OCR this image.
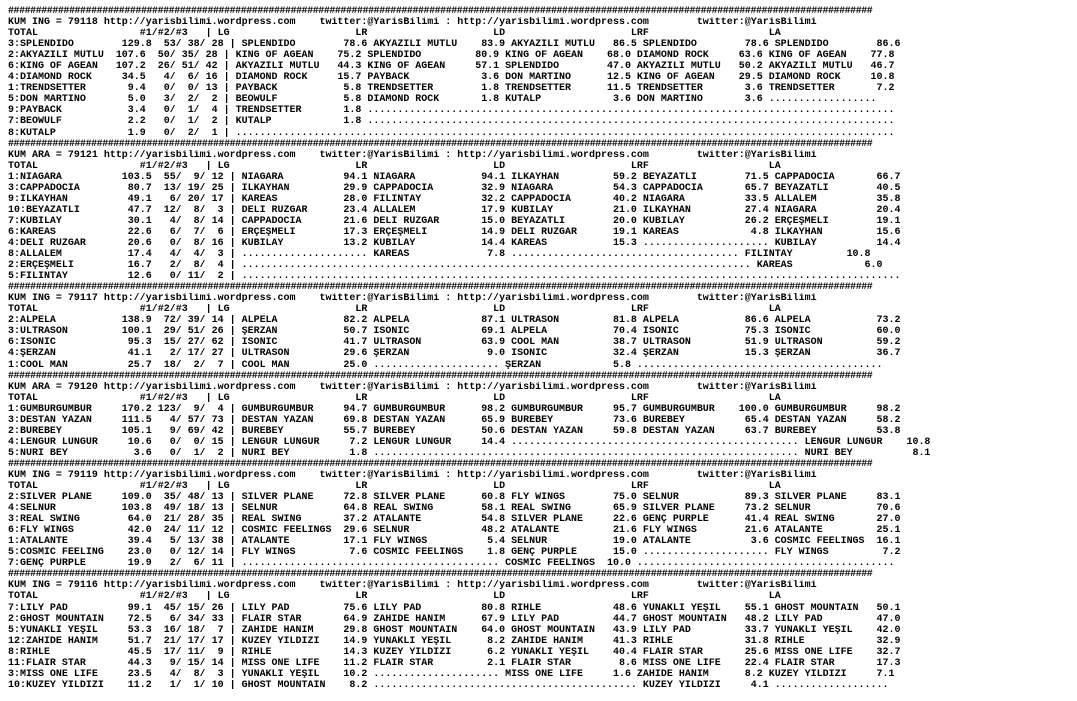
############################################################################################################################################################
KUM ING = 79118 http://yarisbilimi.wordpress.com    twitter:@YarisBilimi : http://yarisbilimi.wordpress.com        twitter:@YarisBilimi
TOTAL                 #1/#2/#3   | LG                     LR                     LD                     LRF                    LA
3:SPLENDIDO        129.8  53/ 38/ 28 | SPLENDIDO        78.6 AKYAZILI MUTLU    83.9 AKYAZILI MUTLU   86.5 SPLENDIDO        78.6 SPLENDIDO        86.6
2:AKYAZILI MUTLU  107.6  50/ 35/ 28 | KING OF AGEAN    75.2 SPLENDIDO         80.9 KING OF AGEAN    68.0 DIAMOND ROCK     63.6 KING OF AGEAN    77.8
6:KING OF AGEAN   107.2  26/ 51/ 42 | AKYAZILI MUTLU   44.3 KING OF AGEAN     57.1 SPLENDIDO        47.0 AKYAZILI MUTLU   50.2 AKYAZILI MUTLU   46.7
4:DIAMOND ROCK     34.5   4/  6/ 16 | DIAMOND ROCK     15.7 PAYBACK            3.6 DON MARTINO      12.5 KING OF AGEAN    29.5 DIAMOND ROCK     10.8
1:TRENDSETTER       9.4   0/  0/ 13 | PAYBACK           5.8 TRENDSETTER        1.8 TRENDSETTER      11.5 TRENDSETTER       3.6 TRENDSETTER       7.2
5:DON MARTINO       5.0   3/  2/  2 | BEOWULF           5.8 DIAMOND ROCK       1.8 KUTALP            3.6 DON MARTINO       3.6 ..................
9:PAYBACK           3.4   0/  1/  4 | TRENDSETTER       1.8 ........................................................................................
7:BEOWULF           2.2   0/  1/  2 | KUTALP            1.8 ........................................................................................
8:KUTALP            1.9   0/  2/  1 | ..............................................................................................................
############################################################################################################################################################
KUM ARA = 79121 http://yarisbilimi.wordpress.com    twitter:@YarisBilimi : http://yarisbilimi.wordpress.com        twitter:@YarisBilimi
TOTAL                 #1/#2/#3   | LG                     LR                     LD                     LRF                    LA
1:NİAGARA          103.5  55/  9/ 12 | NİAGARA          94.1 NİAGARA           94.1 İLKAYHAN         59.2 BEYAZATLI        71.5 CAPPADOCIA       66.7
3:CAPPADOCIA        80.7  13/ 19/ 25 | İLKAYHAN         29.9 CAPPADOCIA        32.9 NİAGARA          54.3 CAPPADOCIA       65.7 BEYAZATLI        40.5
9:İLKAYHAN          49.1   6/ 20/ 17 | KAREAS           28.0 FİLİNTAY          32.2 CAPPADOCIA       40.2 NİAGARA          33.5 ALLALEM          35.8
10:BEYAZATLI        47.7  12/  8/  3 | DELİ RÜZGAR      23.4 ALLALEM           17.9 KUBİLAY          21.0 İLKAYHAN         27.4 NİAGARA          20.4
7:KUBİLAY           30.1   4/  8/ 14 | CAPPADOCIA       21.6 DELİ RÜZGAR       15.0 BEYAZATLI        20.0 KUBİLAY          26.2 ERÇEŞMELİ        19.1
6:KAREAS            22.6   6/  7/  6 | ERÇEŞMELİ        17.3 ERÇEŞMELİ         14.9 DELİ RÜZGAR      19.1 KAREAS            4.8 İLKAYHAN         15.6
4:DELİ RÜZGAR       20.6   0/  8/ 16 | KUBİLAY          13.2 KUBİLAY           14.4 KAREAS           15.3 ..................... KUBİLAY          14.4
8:ALLALEM           17.4   4/  4/  3 | ..................... KAREAS             7.8 ...................................... FİLİNTAY         10.8
2:ERÇEŞMELİ         16.7   2/  8/  4 | ..................................................................................... KAREAS            6.0
5:FİLİNTAY          12.6   0/ 11/  2 | ..............................................................................................................
############################################################################################################################################################
KUM ING = 79117 http://yarisbilimi.wordpress.com    twitter:@YarisBilimi : http://yarisbilimi.wordpress.com        twitter:@YarisBilimi
TOTAL                 #1/#2/#3   | LG                     LR                     LD                     LRF                    LA
2:ALPELA           138.9  72/ 39/ 14 | ALPELA           82.2 ALPELA            87.1 ULTRASON         81.8 ALPELA           86.6 ALPELA           73.2
3:ULTRASON         100.1  29/ 51/ 26 | ŞERZAN           50.7 ISONIC            69.1 ALPELA           70.4 ISONIC           75.3 ISONIC           60.0
6:ISONIC            95.3  15/ 27/ 62 | ISONIC           41.7 ULTRASON          63.9 COOL MAN         38.7 ULTRASON         51.9 ULTRASON         59.2
4:ŞERZAN            41.1   2/ 17/ 27 | ULTRASON         29.6 ŞERZAN             9.0 ISONIC           32.4 ŞERZAN           15.3 ŞERZAN           36.7
1:COOL MAN          25.7  18/  2/  7 | COOL MAN         25.0 ..................... ŞERZAN            5.8 .........................................
############################################################################################################################################################
KUM ARA = 79120 http://yarisbilimi.wordpress.com    twitter:@YarisBilimi : http://yarisbilimi.wordpress.com        twitter:@YarisBilimi
TOTAL                 #1/#2/#3   | LG                     LR                     LD                     LRF                    LA
1:GÜMBÜRGÜMBÜR     170.2 123/  9/  4 | GÜMBÜRGÜMBÜR     94.7 GÜMBÜRGÜMBÜR      98.2 GÜMBÜRGÜMBÜR     95.7 GÜMBÜRGÜMBÜR    100.0 GÜMBÜRGÜMBÜR     98.2
3:DESTAN YAZAN     111.5   4/ 57/ 73 | DESTAN YAZAN     69.8 DESTAN YAZAN      65.9 BÜREBEY          73.6 BÜREBEY          65.4 DESTAN YAZAN     58.2
2:BÜREBEY          105.1   9/ 69/ 42 | BÜREBEY          55.7 BÜREBEY           50.6 DESTAN YAZAN     59.8 DESTAN YAZAN     63.7 BÜREBEY          53.8
4:LENGÜR LÜNGÜR     10.6   0/  0/ 15 | LENGÜR LÜNGÜR     7.2 LENGÜR LÜNGÜR     14.4 ................................................ LENGÜR LÜNGÜR    10.8
5:NURİ BEY           3.6   0/  1/  2 | NURİ BEY          1.8 ....................................................................... NURİ BEY          8.1
############################################################################################################################################################
KUM ING = 79119 http://yarisbilimi.wordpress.com    twitter:@YarisBilimi : http://yarisbilimi.wordpress.com        twitter:@YarisBilimi
TOTAL                 #1/#2/#3   | LG                     LR                     LD                     LRF                    LA
2:SILVER PLANE     109.0  35/ 48/ 13 | SILVER PLANE     72.8 SILVER PLANE      60.8 FLY WINGS        75.0 SELNUR           89.3 SILVER PLANE     83.1
4:SELNUR           103.8  49/ 18/ 13 | SELNUR           64.8 REAL SWING        58.1 REAL SWING       65.9 SILVER PLANE     73.2 SELNUR           70.6
3:REAL SWING        64.0  21/ 28/ 35 | REAL SWING       37.2 ATALANTE          54.8 SILVER PLANE     22.6 GENÇ PURPLE      41.4 REAL SWING       27.0
6:FLY WINGS         42.0  24/ 11/ 12 | COSMIC FEELINGS  29.6 SELNUR            48.2 ATALANTE         21.6 FLY WINGS        21.6 ATALANTE         25.1
1:ATALANTE          39.4   5/ 13/ 38 | ATALANTE         17.1 FLY WINGS          5.4 SELNUR           19.0 ATALANTE          3.6 COSMIC FEELINGS  16.1
5:COSMIC FEELING    23.0   0/ 12/ 14 | FLY WINGS         7.6 COSMIC FEELINGS    1.8 GENÇ PURPLE      15.0 ..................... FLY WINGS         7.2
7:GENÇ PURPLE       19.9   2/  6/ 11 | ........................................... COSMIC FEELINGS  10.0 ...........................................
############################################################################################################################################################
KUM ING = 79116 http://yarisbilimi.wordpress.com    twitter:@YarisBilimi : http://yarisbilimi.wordpress.com        twitter:@YarisBilimi
TOTAL                 #1/#2/#3   | LG                     LR                     LD                     LRF                    LA
7:LILY PAD          99.1  45/ 15/ 26 | LILY PAD         75.6 LILY PAD          80.8 RIHLE            48.6 YUNAKLI YEŞİL    55.1 GHOST MOUNTAIN   50.1
2:GHOST MOUNTAIN    72.5   6/ 34/ 33 | FLAIR STAR       64.9 ZAHİDE HANIM      67.9 LILY PAD         44.7 GHOST MOUNTAIN   48.2 LILY PAD         47.0
5:YUNAKLI YEŞİL     53.3  16/ 18/  7 | ZAHİDE HANIM     29.8 GHOST MOUNTAIN    64.0 GHOST MOUNTAIN   43.9 LILY PAD         33.7 YUNAKLI YEŞİL    42.0
12:ZAHİDE HANIM     51.7  21/ 17/ 17 | KUZEY YILDIZI    14.9 YUNAKLI YEŞİL      8.2 ZAHİDE HANIM     41.3 RIHLE            31.8 RIHLE            32.9
8:RIHLE             45.5  17/ 11/  9 | RIHLE            14.3 KUZEY YILDIZI      6.2 YUNAKLI YEŞİL    40.4 FLAIR STAR       25.6 MISS ONE LIFE    32.7
11:FLAIR STAR       44.3   9/ 15/ 14 | MISS ONE LIFE    11.2 FLAIR STAR         2.1 FLAIR STAR        8.6 MISS ONE LIFE    22.4 FLAIR STAR       17.3
3:MISS ONE LIFE     23.5   4/  8/  3 | YUNAKLI YEŞİL    10.2 ..................... MISS ONE LIFE     1.6 ZAHİDE HANIM      8.2 KUZEY YILDIZI     7.1
10:KUZEY YILDIZI    11.2   1/  1/ 10 | GHOST MOUNTAIN    8.2 ............................................ KUZEY YILDIZI     4.1 ...................
